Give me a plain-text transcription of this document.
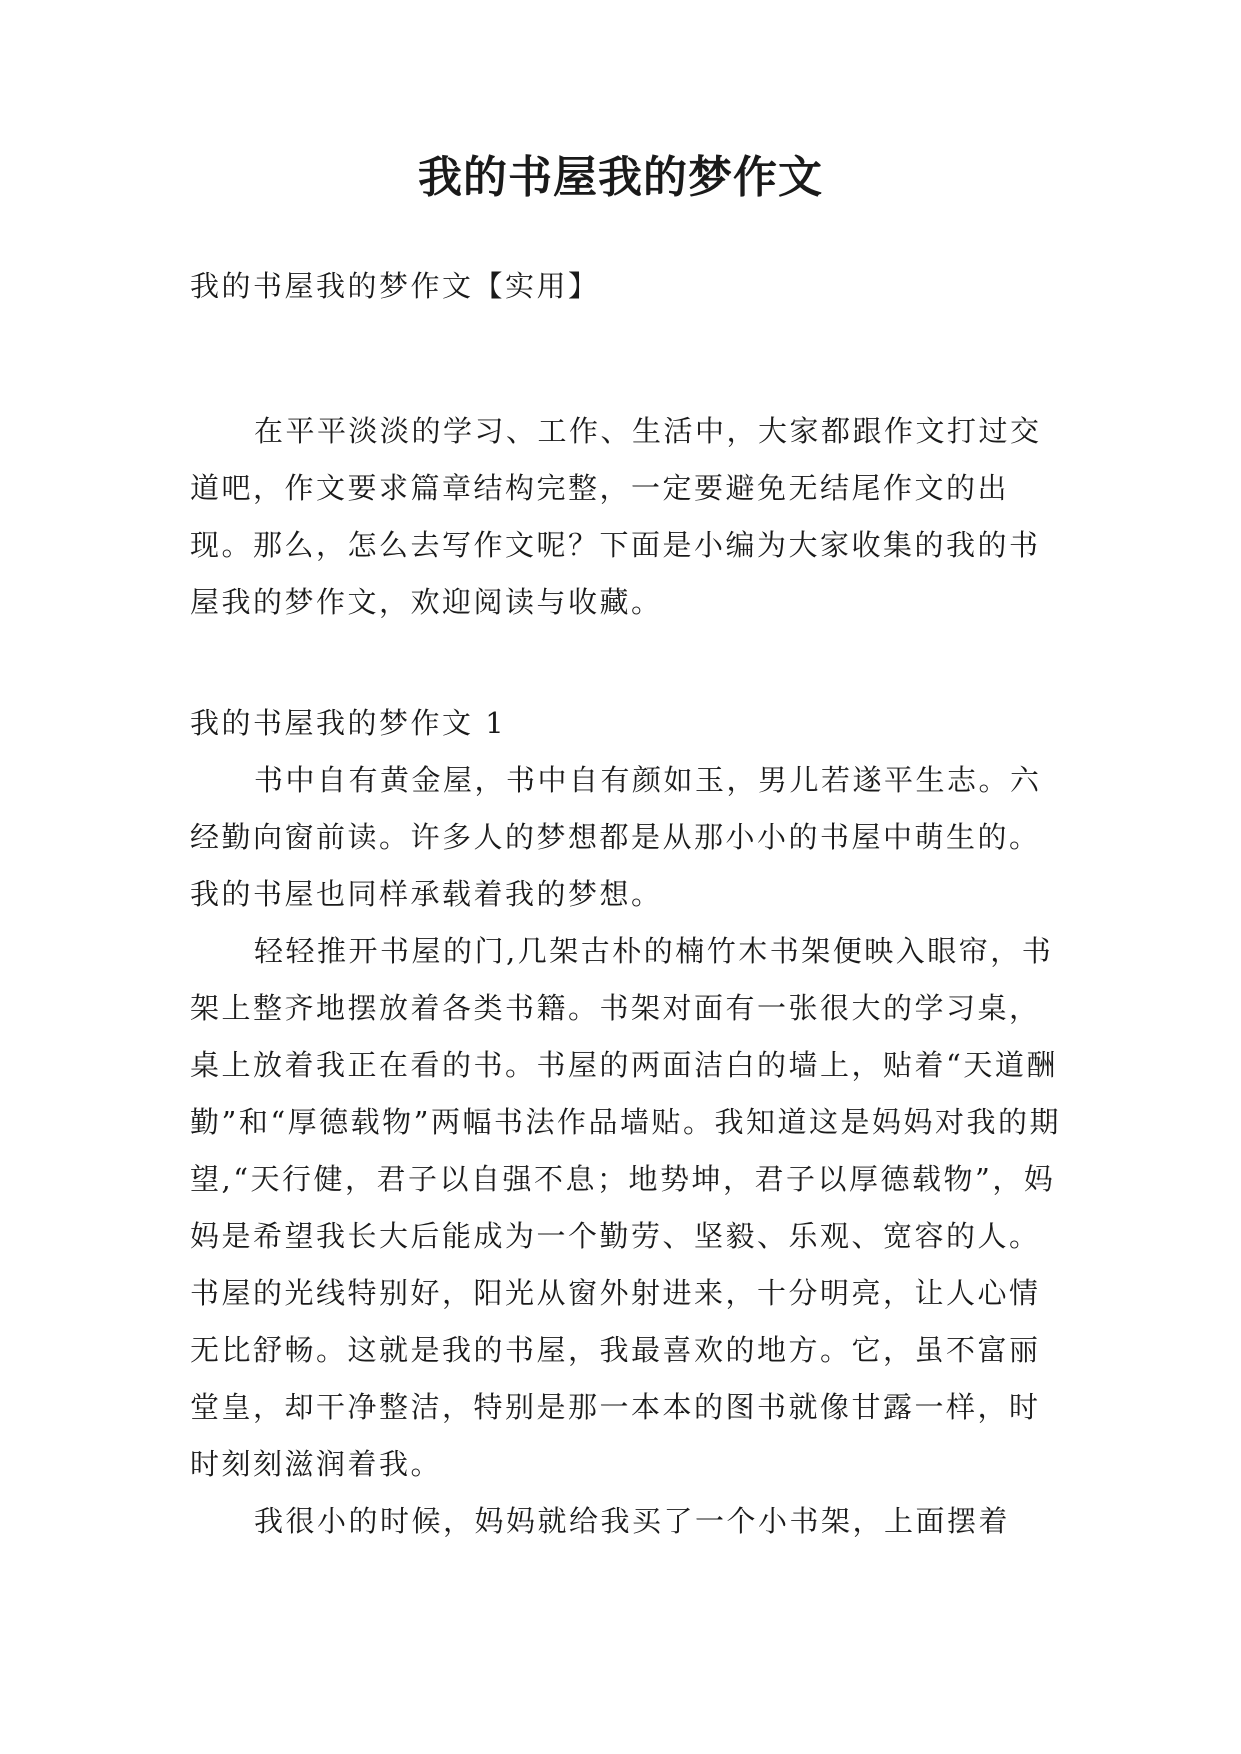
我的书屋我的梦作文

我的书屋我的梦作文【实用】

在平平淡淡的学习、工作、生活中，大家都跟作文打过交道吧，作文要求篇章结构完整，一定要避免无结尾作文的出现。那么，怎么去写作文呢？下面是小编为大家收集的我的书屋我的梦作文，欢迎阅读与收藏。

我的书屋我的梦作文 1

书中自有黄金屋，书中自有颜如玉，男儿若遂平生志。六经勤向窗前读。许多人的梦想都是从那小小的书屋中萌生的。我的书屋也同样承载着我的梦想。

轻轻推开书屋的门,几架古朴的楠竹木书架便映入眼帘，书架上整齐地摆放着各类书籍。书架对面有一张很大的学习桌，桌上放着我正在看的书。书屋的两面洁白的墙上，贴着“天道酬勤”和“厚德载物”两幅书法作品墙贴。我知道这是妈妈对我的期望,“天行健，君子以自强不息；地势坤，君子以厚德载物”，妈妈是希望我长大后能成为一个勤劳、坚毅、乐观、宽容的人。书屋的光线特别好，阳光从窗外射进来，十分明亮，让人心情无比舒畅。这就是我的书屋，我最喜欢的地方。它，虽不富丽堂皇，却干净整洁，特别是那一本本的图书就像甘露一样，时时刻刻滋润着我。

我很小的时候，妈妈就给我买了一个小书架，上面摆着
